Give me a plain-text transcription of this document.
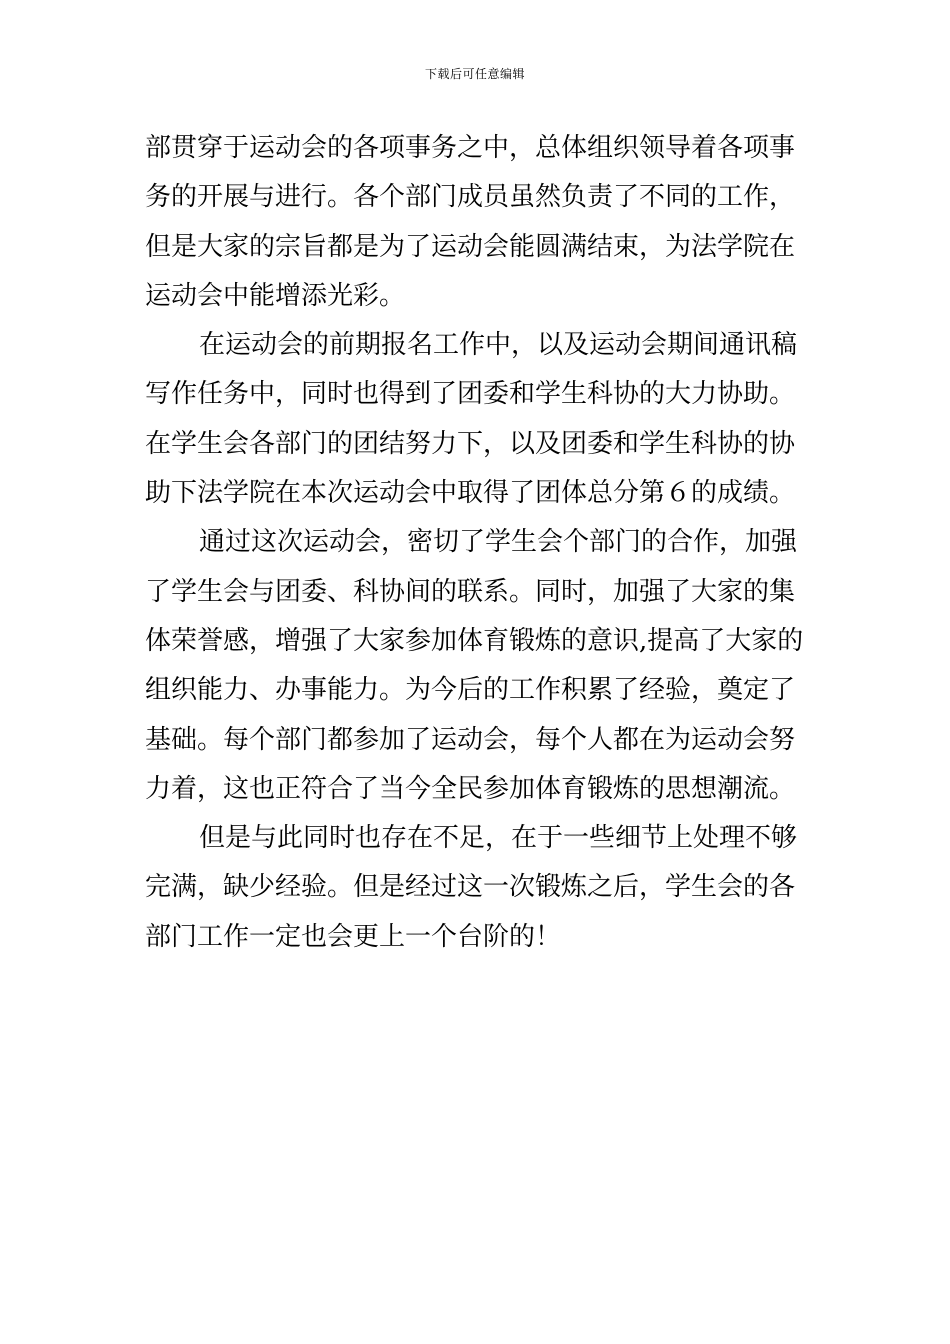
下载后可任意编辑

部贯穿于运动会的各项事务之中，总体组织领导着各项事
务的开展与进行。各个部门成员虽然负责了不同的工作，
但是大家的宗旨都是为了运动会能圆满结束，为法学院在
运动会中能增添光彩。

在运动会的前期报名工作中，以及运动会期间通讯稿
写作任务中，同时也得到了团委和学生科协的大力协助。
在学生会各部门的团结努力下，以及团委和学生科协的协
助下法学院在本次运动会中取得了团体总分第６的成绩。

通过这次运动会，密切了学生会个部门的合作，加强
了学生会与团委、科协间的联系。同时，加强了大家的集
体荣誉感，增强了大家参加体育锻炼的意识,提高了大家的
组织能力、办事能力。为今后的工作积累了经验，奠定了
基础。每个部门都参加了运动会，每个人都在为运动会努
力着，这也正符合了当今全民参加体育锻炼的思想潮流。

但是与此同时也存在不足，在于一些细节上处理不够
完满，缺少经验。但是经过这一次锻炼之后，学生会的各
部门工作一定也会更上一个台阶的！
